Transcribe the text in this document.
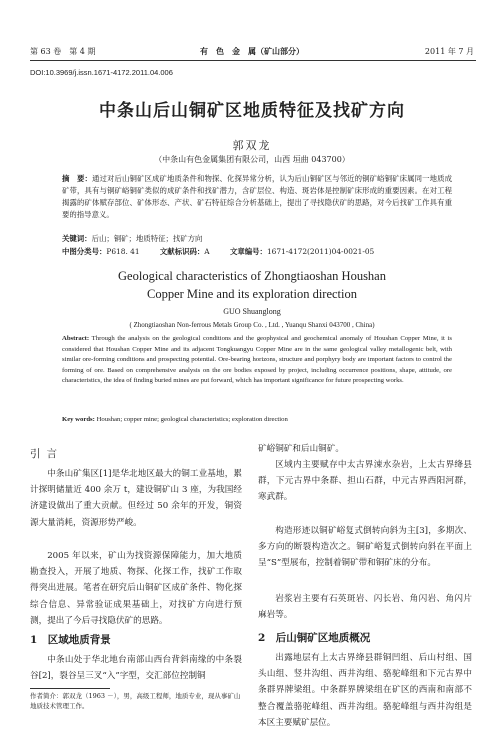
第 63 卷　第 4 期	有　色　金　属（矿山部分）	2011 年 7 月
DOI:10.3969/j.issn.1671-4172.2011.04.006
中条山后山铜矿区地质特征及找矿方向
郭双龙
（中条山有色金属集团有限公司，山西 垣曲 043700）
摘　要：通过对后山铜矿区成矿地质条件和物探、化探异常分析，认为后山铜矿区与邻近的铜矿峪铜矿床属同一地质成矿带，具有与铜矿峪铜矿类似的成矿条件和找矿潜力，含矿层位、构造、斑岩体是控制矿床形成的重要因素。在对工程揭露的矿体赋存部位、矿体形态、产状、矿石特征综合分析基础上，提出了寻找隐伏矿的思路，对今后找矿工作具有重要的指导意义。
关键词：后山；铜矿；地质特征；找矿方向
中图分类号：P618. 41	文献标识码：A	文章编号：1671-4172(2011)04-0021-05
Geological characteristics of Zhongtiaoshan Houshan
Copper Mine and its exploration direction
GUO Shuanglong
( Zhongtiaoshan Non-ferrous Metals Group Co. , Ltd. , Yuanqu Shanxi 043700 , China)
Abstract: Through the analysis on the geological conditions and the geophysical and geochemical anomaly of Houshan Copper Mine, it is considered that Houshan Copper Mine and its adjacent Tongkuangyu Copper Mine are in the same geological valley metallogenic belt, with similar ore-forming conditions and prospecting potential. Ore-bearing horizons, structure and porphyry body are important factors to control the forming of ore. Based on comprehensive analysis on the ore bodies exposed by project, including occurrence positions, shape, attitude, ore characteristics, the idea of finding buried mines are put forward, which has important significance for future prospecting works.
Key words: Houshan; copper mine; geological characteristics; exploration direction
引言
中条山矿集区[1]是华北地区最大的铜工业基地，累计探明储量近 400 余万 t，建设铜矿山 3 座，为我国经济建设做出了重大贡献。但经过 50 余年的开发，铜资源大量消耗，资源形势严峻。
2005 年以来，矿山为找资源保障能力，加大地质勘查投入，开展了地质、物探、化探工作，找矿工作取得突出进展。笔者在研究后山铜矿区成矿条件、物化探综合信息、异常验证成果基础上，对找矿方向进行预测，提出了今后寻找隐伏矿的思路。
1　区域地质背景
中条山处于华北地台南部山西台背斜南缘的中条裂谷[2]，裂谷呈三叉“入”字型，交汇部位控制铜
作者简介：郭双龙（1963 －），男，高级工程师，地质专业，现从事矿山地质技术管理工作。
矿峪铜矿和后山铜矿。
区域内主要赋存中太古界涑水杂岩，上太古界绛县群，下元古界中条群、担山石群，中元古界西阳河群，寒武群。
构造形迹以铜矿峪复式倒转向斜为主[3]，多期次、多方向的断裂构造次之。铜矿峪复式倒转向斜在平面上呈“S”型展布，控制着铜矿带和铜矿床的分布。
岩浆岩主要有石英斑岩、闪长岩、角闪岩、角闪片麻岩等。
2　后山铜矿区地质概况
出露地层有上太古界绛县群铜凹组、后山村组、国头山组、竖井沟组、西井沟组、骆驼峰组和下元古界中条群界牌梁组。中条群界牌梁组在矿区的西南和南部不整合覆盖骆驼峰组、西井沟组。骆驼峰组与西井沟组是本区主要赋矿层位。
